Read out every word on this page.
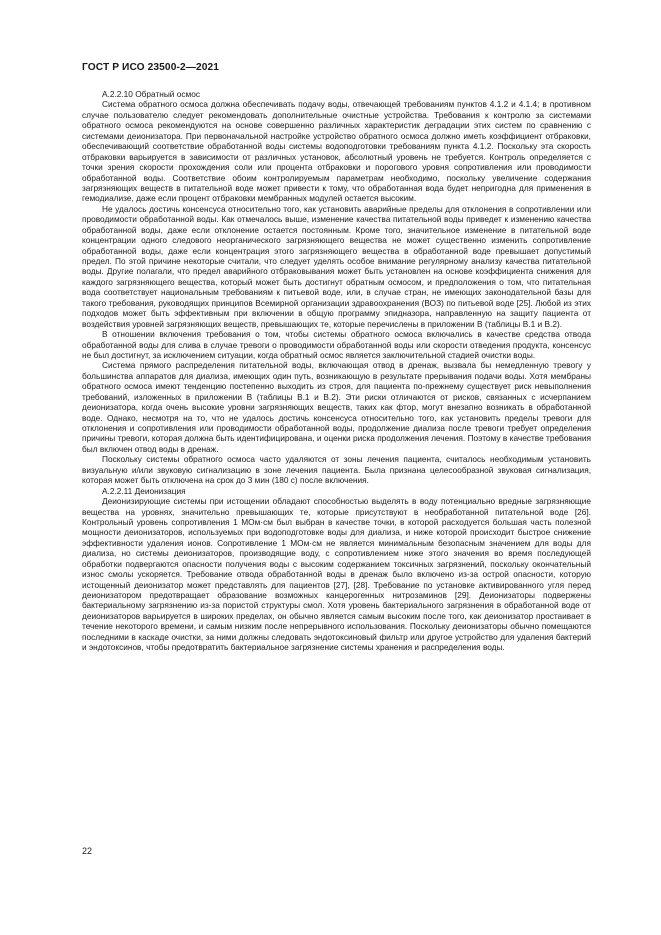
ГОСТ Р ИСО 23500-2—2021

А.2.2.10 Обратный осмос

Система обратного осмоса должна обеспечивать подачу воды, отвечающей требованиям пунктов 4.1.2 и 4.1.4; в противном случае пользователю следует рекомендовать дополнительные очистные устройства. Требования к контролю за системами обратного осмоса рекомендуются на основе совершенно различных характеристик деградации этих систем по сравнению с системами деионизатора. При первоначальной настройке устройство обратного осмоса должно иметь коэффициент отбраковки, обеспечивающий соответствие обработанной воды системы водоподготовки требованиям пункта 4.1.2. Поскольку эта скорость отбраковки варьируется в зависимости от различных установок, абсолютный уровень не требуется. Контроль определяется с точки зрения скорости прохождения соли или процента отбраковки и порогового уровня сопротивления или проводимости обработанной воды. Соответствие обоим контролируемым параметрам необходимо, поскольку увеличение содержания загрязняющих веществ в питательной воде может привести к тому, что обработанная вода будет непригодна для применения в гемодиализе, даже если процент отбраковки мембранных модулей остается высоким.

Не удалось достичь консенсуса относительно того, как установить аварийные пределы для отклонения в сопротивлении или проводимости обработанной воды. Как отмечалось выше, изменение качества питательной воды приведет к изменению качества обработанной воды, даже если отклонение остается постоянным. Кроме того, значительное изменение в питательной воде концентрации одного следового неорганического загрязняющего вещества не может существенно изменить сопротивление обработанной воды, даже если концентрация этого загрязняющего вещества в обработанной воде превышает допустимый предел. По этой причине некоторые считали, что следует уделять особое внимание регулярному анализу качества питательной воды. Другие полагали, что предел аварийного отбраковывания может быть установлен на основе коэффициента снижения для каждого загрязняющего вещества, который может быть достигнут обратным осмосом, и предположения о том, что питательная вода соответствует национальным требованиям к питьевой воде, или, в случае стран, не имеющих законодательной базы для такого требования, руководящих принципов Всемирной организации здравоохранения (ВОЗ) по питьевой воде [25]. Любой из этих подходов может быть эффективным при включении в общую программу эпидназора, направленную на защиту пациента от воздействия уровней загрязняющих веществ, превышающих те, которые перечислены в приложении В (таблицы В.1 и В.2).

В отношении включения требования о том, чтобы системы обратного осмоса включались в качестве средства отвода обработанной воды для слива в случае тревоги о проводимости обработанной воды или скорости отведения продукта, консенсус не был достигнут, за исключением ситуации, когда обратный осмос является заключительной стадией очистки воды.

Система прямого распределения питательной воды, включающая отвод в дренаж, вызвала бы немедленную тревогу у большинства аппаратов для диализа, имеющих один путь, возникающую в результате прерывания подачи воды. Хотя мембраны обратного осмоса имеют тенденцию постепенно выходить из строя, для пациента по-прежнему существует риск невыполнения требований, изложенных в приложении В (таблицы В.1 и В.2). Эти риски отличаются от рисков, связанных с исчерпанием деионизатора, когда очень высокие уровни загрязняющих веществ, таких как фтор, могут внезапно возникать в обработанной воде. Однако, несмотря на то, что не удалось достичь консенсуса относительно того, как установить пределы тревоги для отклонения и сопротивления или проводимости обработанной воды, продолжение диализа после тревоги требует определения причины тревоги, которая должна быть идентифицирована, и оценки риска продолжения лечения. Поэтому в качестве требования был включен отвод воды в дренаж.

Поскольку системы обратного осмоса часто удаляются от зоны лечения пациента, считалось необходимым установить визуальную и/или звуковую сигнализацию в зоне лечения пациента. Была признана целесообразной звуковая сигнализация, которая может быть отключена на срок до 3 мин (180 с) после включения.

А.2.2.11 Деионизация

Деионизирующие системы при истощении обладают способностью выделять в воду потенциально вредные загрязняющие вещества на уровнях, значительно превышающих те, которые присутствуют в необработанной питательной воде [26]. Контрольный уровень сопротивления 1 МОм·см был выбран в качестве точки, в которой расходуется большая часть полезной мощности деионизаторов, используемых при водоподготовке воды для диализа, и ниже которой происходит быстрое снижение эффективности удаления ионов. Сопротивление 1 МОм·см не является минимальным безопасным значением для воды для диализа, но системы деионизаторов, производящие воду, с сопротивлением ниже этого значения во время последующей обработки подвергаются опасности получения воды с высоким содержанием токсичных загрязнений, поскольку окончательный износ смолы ускоряется. Требование отвода обработанной воды в дренаж было включено из-за острой опасности, которую истощенный деионизатор может представлять для пациентов [27], [28]. Требование по установке активированного угля перед деионизатором предотвращает образование возможных канцерогенных нитрозаминов [29]. Деионизаторы подвержены бактериальному загрязнению из-за пористой структуры смол. Хотя уровень бактериального загрязнения в обработанной воде от деионизаторов варьируется в широких пределах, он обычно является самым высоким после того, как деионизатор простаивает в течение некоторого времени, и самым низким после непрерывного использования. Поскольку деионизаторы обычно помещаются последними в каскаде очистки, за ними должны следовать эндотоксиновый фильтр или другое устройство для удаления бактерий и эндотоксинов, чтобы предотвратить бактериальное загрязнение системы хранения и распределения воды.

22
